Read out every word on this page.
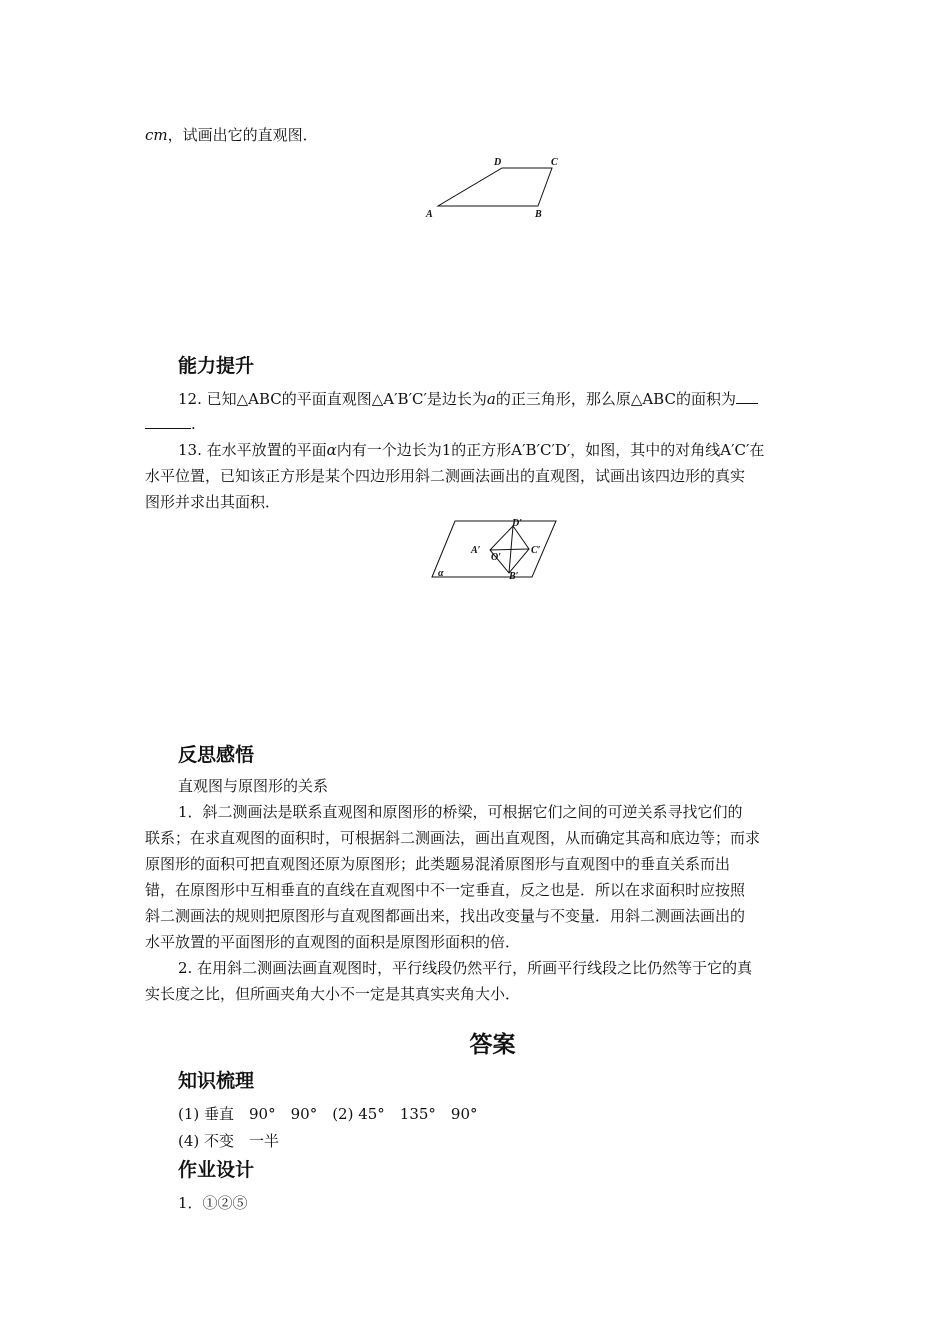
cm，试画出它的直观图．
A	B
C
D
能力提升
12. 已知△ABC的平面直观图△A′B′C′是边长为a的正三角形，那么原△ABC的面积为
.
13. 在水平放置的平面α内有一个边长为1的正方形A′B′C′D′，如图，其中的对角线A′C′在
水平位置，已知该正方形是某个四边形用斜二测画法画出的直观图，试画出该四边形的真实
图形并求出其面积．
A′
B′
C′
D′
O′
α
反思感悟
直观图与原图形的关系
1．斜二测画法是联系直观图和原图形的桥梁，可根据它们之间的可逆关系寻找它们的
联系；在求直观图的面积时，可根据斜二测画法，画出直观图，从而确定其高和底边等；而求
原图形的面积可把直观图还原为原图形；此类题易混淆原图形与直观图中的垂直关系而出
错，在原图形中互相垂直的直线在直观图中不一定垂直，反之也是．所以在求面积时应按照
斜二测画法的规则把原图形与直观图都画出来，找出改变量与不变量．用斜二测画法画出的
水平放置的平面图形的直观图的面积是原图形面积的倍．
2. 在用斜二测画法画直观图时，平行线段仍然平行，所画平行线段之比仍然等于它的真
实长度之比，但所画夹角大小不一定是其真实夹角大小．
答案
知识梳理
(1) 垂直　90°　90°　(2) 45°　135°　90°
(4) 不变　一半
作业设计
1．①②⑤
